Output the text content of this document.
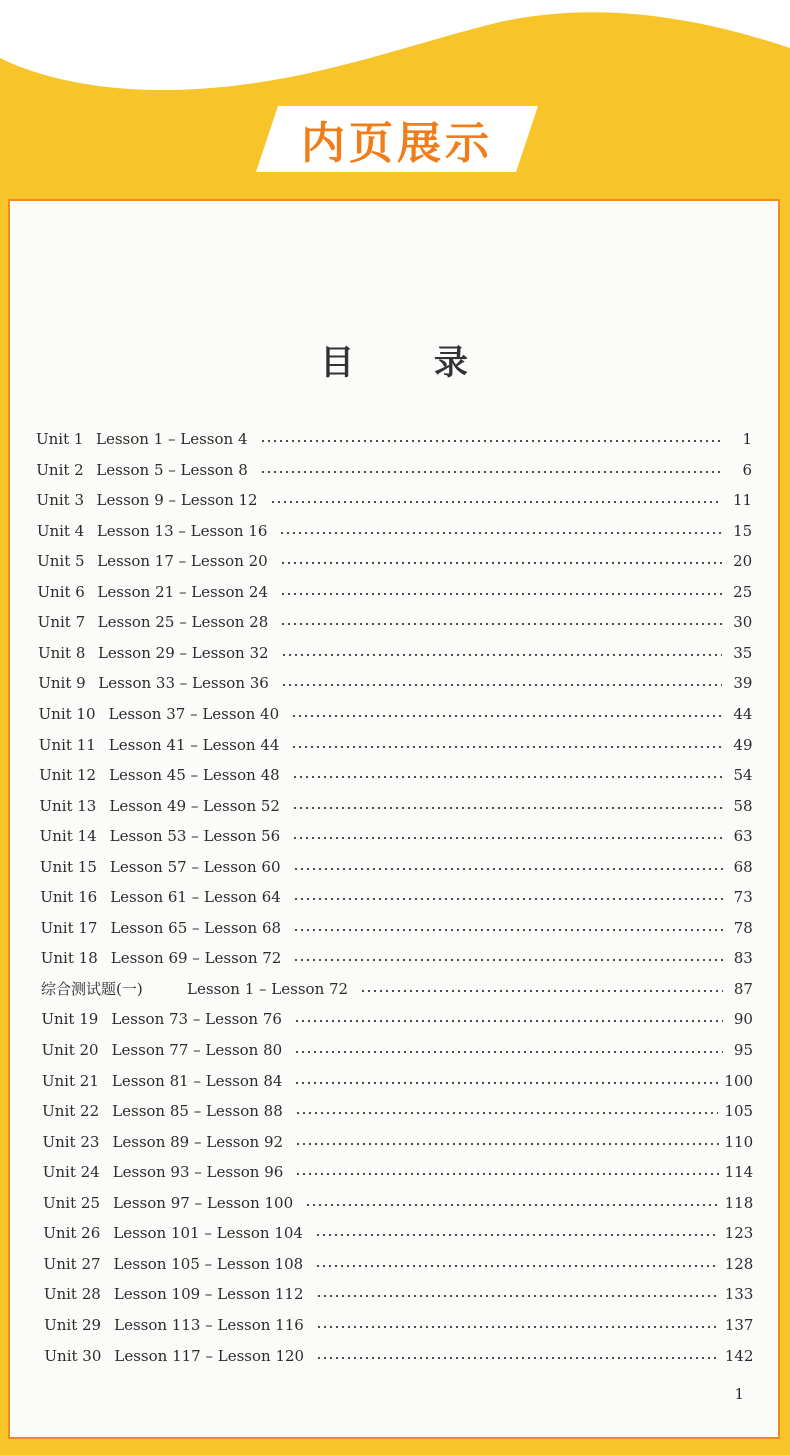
内页展示
目 录
Unit 1 Lesson 1 – Lesson 4	1
Unit 2 Lesson 5 – Lesson 8	6
Unit 3 Lesson 9 – Lesson 12	11
Unit 4 Lesson 13 – Lesson 16	15
Unit 5 Lesson 17 – Lesson 20	20
Unit 6 Lesson 21 – Lesson 24	25
Unit 7 Lesson 25 – Lesson 28	30
Unit 8 Lesson 29 – Lesson 32	35
Unit 9 Lesson 33 – Lesson 36	39
Unit 10 Lesson 37 – Lesson 40	44
Unit 11 Lesson 41 – Lesson 44	49
Unit 12 Lesson 45 – Lesson 48	54
Unit 13 Lesson 49 – Lesson 52	58
Unit 14 Lesson 53 – Lesson 56	63
Unit 15 Lesson 57 – Lesson 60	68
Unit 16 Lesson 61 – Lesson 64	73
Unit 17 Lesson 65 – Lesson 68	78
Unit 18 Lesson 69 – Lesson 72	83
综合测试题(一)	Lesson 1 – Lesson 72	87
Unit 19 Lesson 73 – Lesson 76	90
Unit 20 Lesson 77 – Lesson 80	95
Unit 21 Lesson 81 – Lesson 84	100
Unit 22 Lesson 85 – Lesson 88	105
Unit 23 Lesson 89 – Lesson 92	110
Unit 24 Lesson 93 – Lesson 96	114
Unit 25 Lesson 97 – Lesson 100	118
Unit 26 Lesson 101 – Lesson 104	123
Unit 27 Lesson 105 – Lesson 108	128
Unit 28 Lesson 109 – Lesson 112	133
Unit 29 Lesson 113 – Lesson 116	137
Unit 30 Lesson 117 – Lesson 120	142
1
